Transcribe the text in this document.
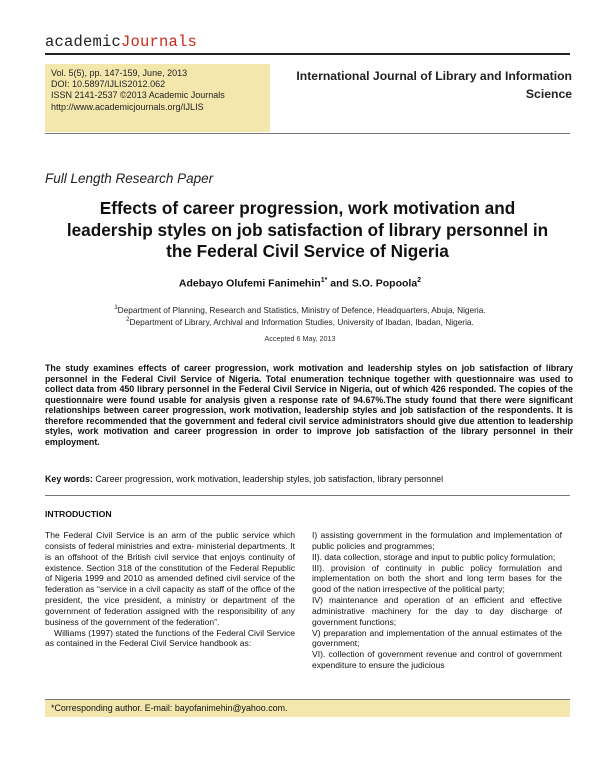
academicJournals
Vol. 5(5), pp. 147-159, June, 2013
DOI: 10.5897/IJLIS2012.062
ISSN 2141-2537 ©2013 Academic Journals
http://www.academicjournals.org/IJLIS
International Journal of Library and Information
Science
Full Length Research Paper
Effects of career progression, work motivation and leadership styles on job satisfaction of library personnel in the Federal Civil Service of Nigeria
Adebayo Olufemi Fanimehin$^{1*}$ and S.O. Popoola$^2$
$^1$Department of Planning, Research and Statistics, Ministry of Defence, Headquarters, Abuja, Nigeria.
$^2$Department of Library, Archival and Information Studies, University of Ibadan, Ibadan, Nigeria.
Accepted 6 May, 2013
The study examines effects of career progression, work motivation and leadership styles on job satisfaction of library personnel in the Federal Civil Service of Nigeria. Total enumeration technique together with questionnaire was used to collect data from 450 library personnel in the Federal Civil Service in Nigeria, out of which 426 responded. The copies of the questionnaire were found usable for analysis given a response rate of 94.67%.The study found that there were significant relationships between career progression, work motivation, leadership styles and job satisfaction of the respondents. It is therefore recommended that the government and federal civil service administrators should give due attention to leadership styles, work motivation and career progression in order to improve job satisfaction of the library personnel in their employment.
Key words: Career progression, work motivation, leadership styles, job satisfaction, library personnel
INTRODUCTION

The Federal Civil Service is an arm of the public service which consists of federal ministries and extra- ministerial departments. It is an offshoot of the British civil service that enjoys continuity of existence. Section 318 of the constitution of the Federal Republic of Nigeria 1999 and 2010 as amended defined civil service of the federation as “service in a civil capacity as staff of the office of the president, the vice president, a ministry or department of the government of federation assigned with the responsibility of any business of the government of the federation”.

Williams (1997) stated the functions of the Federal Civil Service as contained in the Federal Civil Service handbook as:

I) assisting government in the formulation and implementation of public policies and programmes;

II). data collection, storage and input to public policy formulation;

III). provision of continuity in public policy formulation and implementation on both the short and long term bases for the good of the nation irrespective of the political party;

IV) maintenance and operation of an efficient and effective administrative machinery for the day to day discharge of government functions;

V) preparation and implementation of the annual estimates of the government;

VI). collection of government revenue and control of government expenditure to ensure the judicious

*Corresponding author. E-mail: bayofanimehin@yahoo.com.
